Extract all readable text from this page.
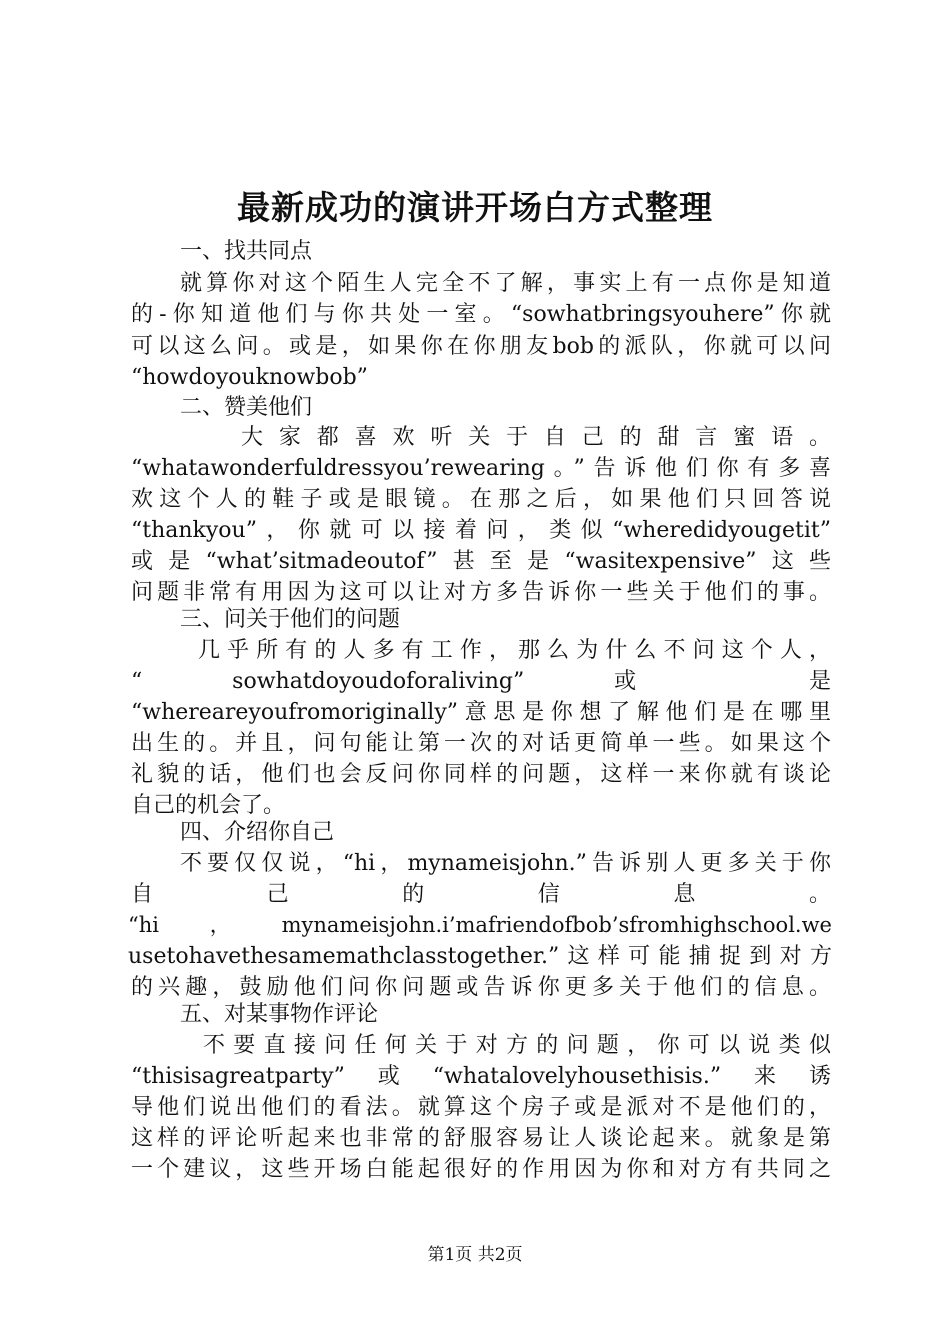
最新成功的演讲开场白方式整理
一、找共同点
就算你对这个陌生人完全不了解，事实上有一点你是知道
的-你知道他们与你共处一室。“sowhatbringsyouhere”你就
可以这么问。或是，如果你在你朋友bob的派队，你就可以问
“howdoyouknowbob”
二、赞美他们
大 家 都 喜 欢 听 关 于 自 己 的 甜 言 蜜 语 。
“whatawonderfuldressyou’rewearing。”告诉他们你有多喜
欢这个人的鞋子或是眼镜。在那之后，如果他们只回答说
“thankyou”，你就可以接着问，类似“wheredidyougetit”
或是“what’sitmadeoutof”甚至是“wasitexpensive”这些
问题非常有用因为这可以让对方多告诉你一些关于他们的事。
三、问关于他们的问题
几乎所有的人多有工作，那么为什么不问这个人，
“ sowhatdoyoudoforaliving” 或 是
“whereareyoufromoriginally”意思是你想了解他们是在哪里
出生的。并且，问句能让第一次的对话更简单一些。如果这个
礼貌的话，他们也会反问你同样的问题，这样一来你就有谈论
自己的机会了。
四、介绍你自己
不要仅仅说，“hi，mynameisjohn.”告诉别人更多关于你
自 己 的 信 息 。
“hi，mynameisjohn.i’mafriendofbob’sfromhighschool.we
usetohavethesamemathclasstogether.”这样可能捕捉到对方
的兴趣，鼓励他们问你问题或告诉你更多关于他们的信息。
五、对某事物作评论
不要直接问任何关于对方的问题，你可以说类似
“thisisagreatparty”或“whatalovelyhousethisis.”来诱
导他们说出他们的看法。就算这个房子或是派对不是他们的，
这样的评论听起来也非常的舒服容易让人谈论起来。就象是第
一个建议，这些开场白能起很好的作用因为你和对方有共同之
第1页 共2页
